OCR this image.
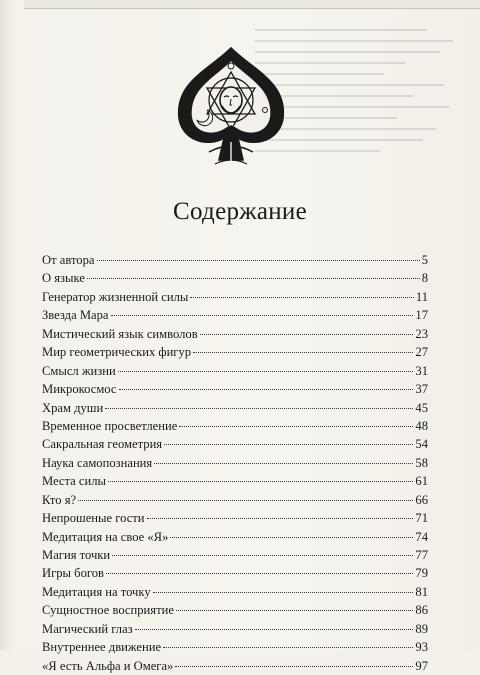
Содержание
От автора	5
О языке	8
Генератор жизненной силы	11
Звезда Мара	17
Мистический язык символов	23
Мир геометрических фигур	27
Смысл жизни	31
Микрокосмос	37
Храм души	45
Временное просветление	48
Сакральная геометрия	54
Наука самопознания	58
Места силы	61
Кто я?	66
Непрошеные гости	71
Медитация на свое «Я»	74
Магия точки	77
Игры богов	79
Медитация на точку	81
Сущностное восприятие	86
Магический глаз	89
Внутреннее движение	93
«Я есть Альфа и Омега»	97
